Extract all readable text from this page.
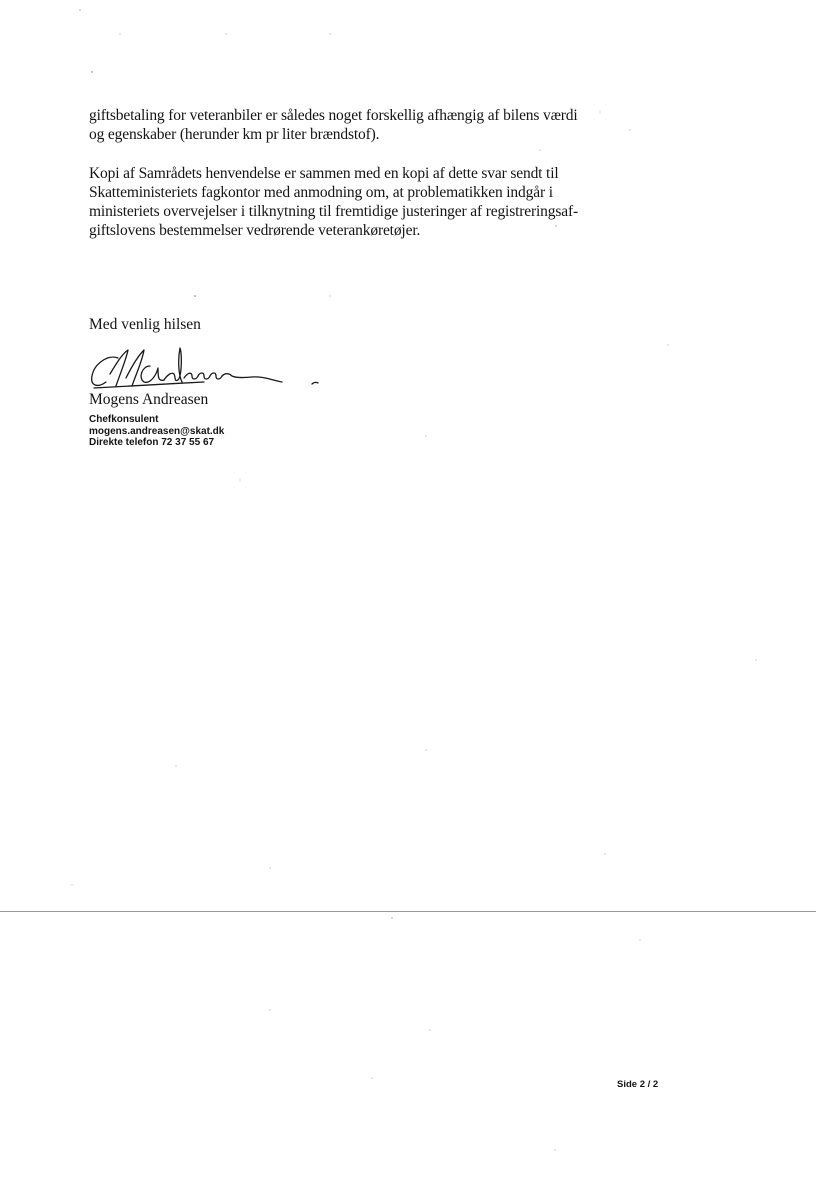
giftsbetaling for veteranbiler er således noget forskellig afhængig af bilens værdi
og egenskaber (herunder km pr liter brændstof).

Kopi af Samrådets henvendelse er sammen med en kopi af dette svar sendt til
Skatteministeriets fagkontor med anmodning om, at problematikken indgår i
ministeriets overvejelser i tilknytning til fremtidige justeringer af registreringsaf-
giftslovens bestemmelser vedrørende veterankøretøjer.

Med venlig hilsen
Mogens Andreasen
Chefkonsulent
mogens.andreasen@skat.dk
Direkte telefon 72 37 55 67
Side 2 / 2
